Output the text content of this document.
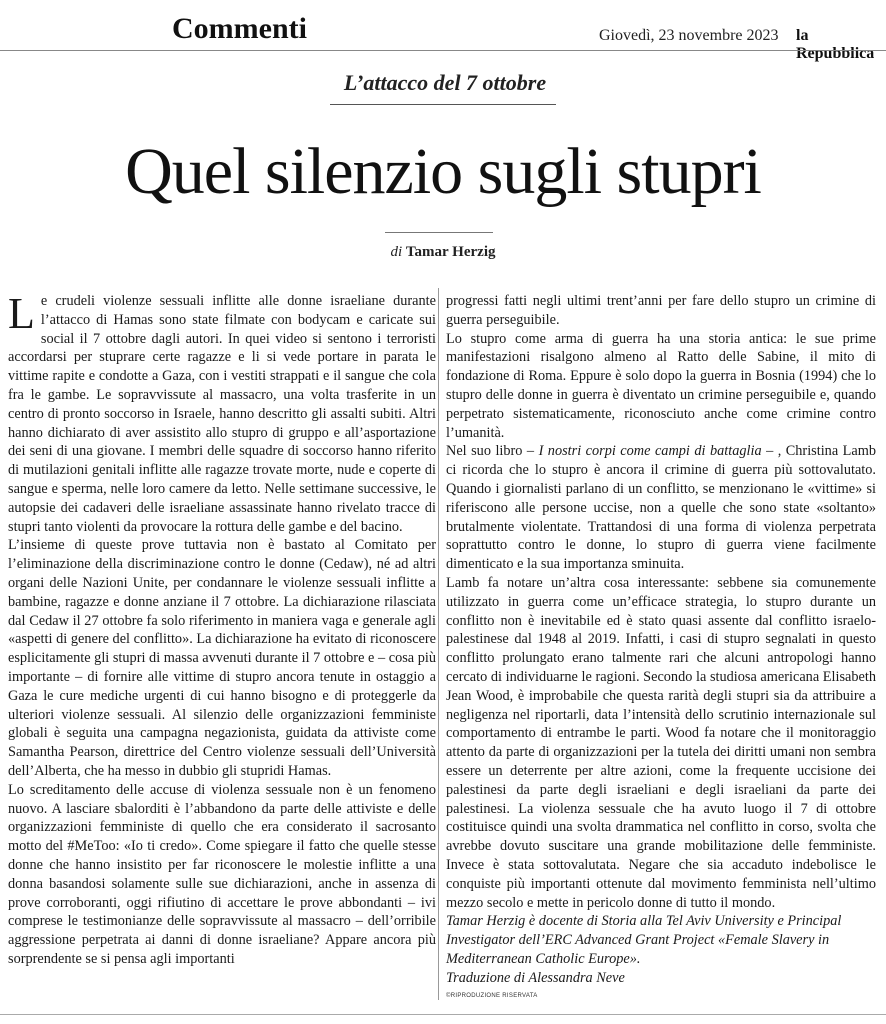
Commenti	Giovedì, 23 novembre 2023 la Repubblica
L’attacco del 7 ottobre
Quel silenzio sugli stupri
di Tamar Herzig

Le crudeli violenze sessuali inflitte alle donne israeliane durante l’attacco di Hamas sono state filmate con bodycam e caricate sui social il 7 ottobre dagli autori. In quei video si sentono i terroristi accordarsi per stuprare certe ragazze e li si vede portare in parata le vittime rapite e condotte a Gaza, con i vestiti strappati e il sangue che cola fra le gambe. Le sopravvissute al massacro, una volta trasferite in un centro di pronto soccorso in Israele, hanno descritto gli assalti subiti. Altri hanno dichiarato di aver assistito allo stupro di gruppo e all’asportazione dei seni di una giovane. I membri delle squadre di soccorso hanno riferito di mutilazioni genitali inflitte alle ragazze trovate morte, nude e coperte di sangue e sperma, nelle loro camere da letto. Nelle settimane successive, le autopsie dei cadaveri delle israeliane assassinate hanno rivelato tracce di stupri tanto violenti da provocare la rottura delle gambe e del bacino.

L’insieme di queste prove tuttavia non è bastato al Comitato per l’eliminazione della discriminazione contro le donne (Cedaw), né ad altri organi delle Nazioni Unite, per condannare le violenze sessuali inflitte a bambine, ragazze e donne anziane il 7 ottobre. La dichiarazione rilasciata dal Cedaw il 27 ottobre fa solo riferimento in maniera vaga e generale agli «aspetti di genere del conflitto». La dichiarazione ha evitato di riconoscere esplicitamente gli stupri di massa avvenuti durante il 7 ottobre e – cosa più importante – di fornire alle vittime di stupro ancora tenute in ostaggio a Gaza le cure mediche urgenti di cui hanno bisogno e di proteggerle da ulteriori violenze sessuali. Al silenzio delle organizzazioni femministe globali è seguita una campagna negazionista, guidata da attiviste come Samantha Pearson, direttrice del Centro violenze sessuali dell’Università dell’Alberta, che ha messo in dubbio gli stupridi Hamas.

Lo screditamento delle accuse di violenza sessuale non è un fenomeno nuovo. A lasciare sbalorditi è l’abbandono da parte delle attiviste e delle organizzazioni femministe di quello che era considerato il sacrosanto motto del #MeToo: «Io ti credo». Come spiegare il fatto che quelle stesse donne che hanno insistito per far riconoscere le molestie inflitte a una donna basandosi solamente sulle sue dichiarazioni, anche in assenza di prove corroboranti, oggi rifiutino di accettare le prove abbondanti – ivi comprese le testimonianze delle sopravvissute al massacro – dell’orribile aggressione perpetrata ai danni di donne israeliane? Appare ancora più sorprendente se si pensa agli importanti

progressi fatti negli ultimi trent’anni per fare dello stupro un crimine di guerra perseguibile.

Lo stupro come arma di guerra ha una storia antica: le sue prime manifestazioni risalgono almeno al Ratto delle Sabine, il mito di fondazione di Roma. Eppure è solo dopo la guerra in Bosnia (1994) che lo stupro delle donne in guerra è diventato un crimine perseguibile e, quando perpetrato sistematicamente, riconosciuto anche come crimine contro l’umanità.

Nel suo libro – I nostri corpi come campi di battaglia – , Christina Lamb ci ricorda che lo stupro è ancora il crimine di guerra più sottovalutato. Quando i giornalisti parlano di un conflitto, se menzionano le «vittime» si riferiscono alle persone uccise, non a quelle che sono state «soltanto» brutalmente violentate. Trattandosi di una forma di violenza perpetrata soprattutto contro le donne, lo stupro di guerra viene facilmente dimenticato e la sua importanza sminuita.

Lamb fa notare un’altra cosa interessante: sebbene sia comunemente utilizzato in guerra come un’efficace strategia, lo stupro durante un conflitto non è inevitabile ed è stato quasi assente dal conflitto israelo-palestinese dal 1948 al 2019. Infatti, i casi di stupro segnalati in questo conflitto prolungato erano talmente rari che alcuni antropologi hanno cercato di individuarne le ragioni. Secondo la studiosa americana Elisabeth Jean Wood, è improbabile che questa rarità degli stupri sia da attribuire a negligenza nel riportarli, data l’intensità dello scrutinio internazionale sul comportamento di entrambe le parti. Wood fa notare che il monitoraggio attento da parte di organizzazioni per la tutela dei diritti umani non sembra essere un deterrente per altre azioni, come la frequente uccisione dei palestinesi da parte degli israeliani e degli israeliani da parte dei palestinesi. La violenza sessuale che ha avuto luogo il 7 di ottobre costituisce quindi una svolta drammatica nel conflitto in corso, svolta che avrebbe dovuto suscitare una grande mobilitazione delle femministe. Invece è stata sottovalutata. Negare che sia accaduto indebolisce le conquiste più importanti ottenute dal movimento femminista nell’ultimo mezzo secolo e mette in pericolo donne di tutto il mondo.

Tamar Herzig è docente di Storia alla Tel Aviv University e Principal Investigator dell’ERC Advanced Grant Project «Female Slavery in Mediterranean Catholic Europe».

Traduzione di Alessandra Neve

©RIPRODUZIONE RISERVATA
